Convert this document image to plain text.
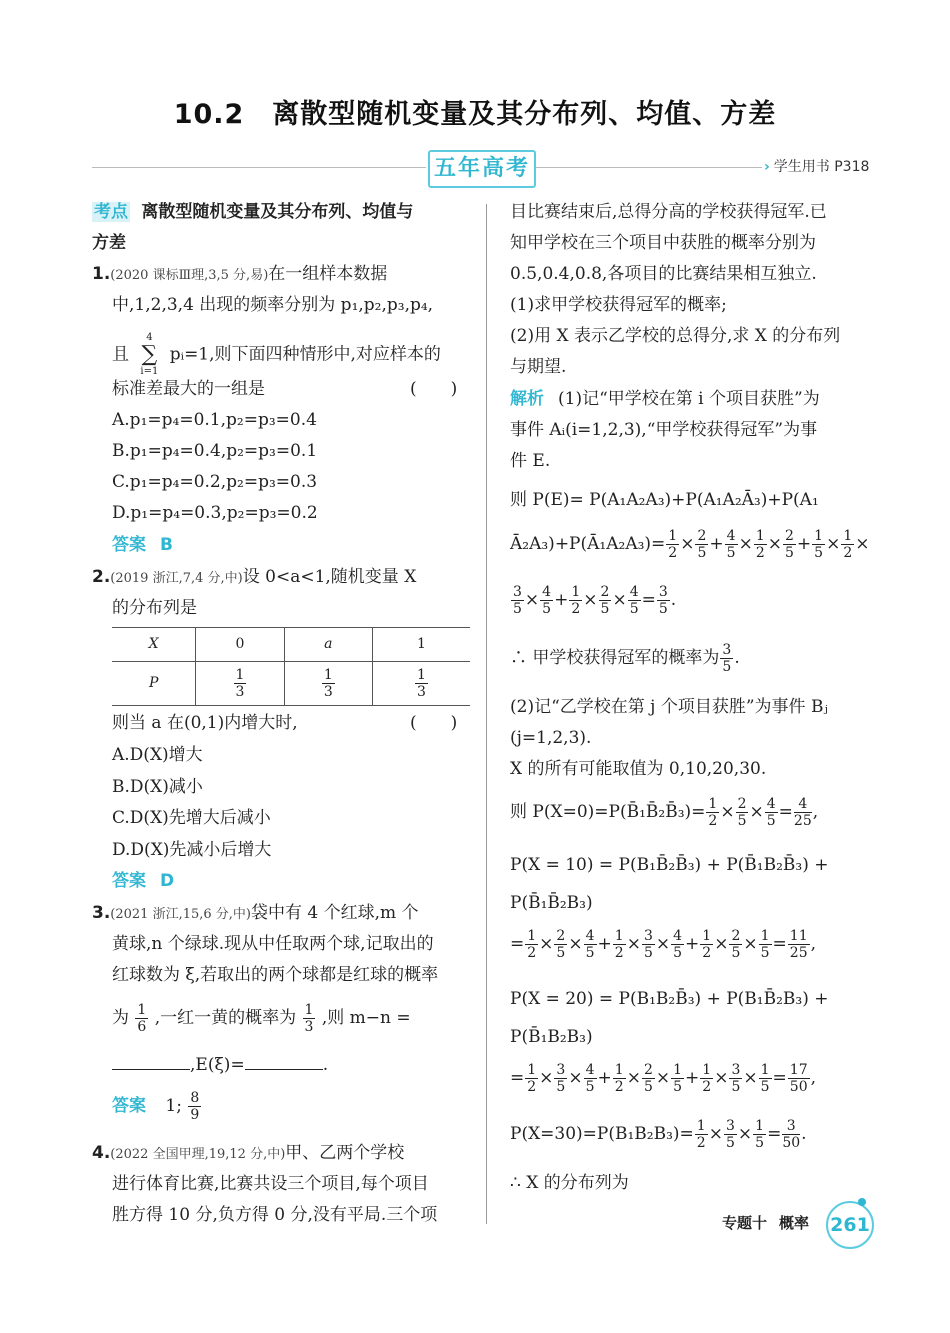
10.2　离散型随机变量及其分布列、均值、方差
五年高考	› 学生用书 P318
考点 离散型随机变量及其分布列、均值与
方差
1.(2020 课标Ⅲ理,3,5 分,易)在一组样本数据
中,1,2,3,4 出现的频率分别为 p₁,p₂,p₃,p₄,
且
4
∑
i=1
pᵢ=1,则下面四种情形中,对应样本的
标准差最大的一组是	(　　)
A.p₁=p₄=0.1,p₂=p₃=0.4
B.p₁=p₄=0.4,p₂=p₃=0.1
C.p₁=p₄=0.2,p₂=p₃=0.3
D.p₁=p₄=0.3,p₂=p₃=0.2
答案 B
2.(2019 浙江,7,4 分,中)设 0<a<1,随机变量 X
的分布列是
X	0	a	1
P	$\frac{1}{3}$	$\frac{1}{3}$	$\frac{1}{3}$
则当 a 在(0,1)内增大时,	(　　)
A.D(X)增大
B.D(X)减小
C.D(X)先增大后减小
D.D(X)先减小后增大
答案 D
3.(2021 浙江,15,6 分,中)袋中有 4 个红球,m 个
黄球,n 个绿球.现从中任取两个球,记取出的
红球数为 ξ,若取出的两个球都是红球的概率
为 $\frac{1}{6}$ ,一红一黄的概率为 $\frac{1}{3}$ ,则 m−n =
,E(ξ)=	.
答案 1; $\frac{8}{9}$
4.(2022 全国甲理,19,12 分,中)甲、乙两个学校
进行体育比赛,比赛共设三个项目,每个项目
胜方得 10 分,负方得 0 分,没有平局.三个项
目比赛结束后,总得分高的学校获得冠军.已
知甲学校在三个项目中获胜的概率分别为
0.5,0.4,0.8,各项目的比赛结果相互独立.
(1)求甲学校获得冠军的概率;
(2)用 X 表示乙学校的总得分,求 X 的分布列
与期望.
解析 (1)记“甲学校在第 i 个项目获胜”为
事件 Aᵢ(i=1,2,3),“甲学校获得冠军”为事
件 E.
则 P(E)= P(A₁A₂A₃)+P(A₁A₂Ā₃)+P(A₁
Ā₂A₃)+P(Ā₁A₂A₃)= $\frac{1}{2} \times \frac{2}{5} + \frac{4}{5} \times \frac{1}{2} \times \frac{2}{5} + \frac{1}{5} \times \frac{1}{2}$ ×
$\frac{3}{5} \times \frac{4}{5} + \frac{1}{2} \times \frac{2}{5} \times \frac{4}{5} = \frac{3}{5}$ .
∴ 甲学校获得冠军的概率为 $\frac{3}{5}$ .
(2)记“乙学校在第 j 个项目获胜”为事件 Bⱼ
(j=1,2,3).
X 的所有可能取值为 0,10,20,30.
则 P(X=0)=P(B̄₁B̄₂B̄₃)= $\frac{1}{2} \times \frac{2}{5} \times \frac{4}{5} = \frac{4}{25}$ ,
P(X = 10) = P(B₁B̄₂B̄₃) + P(B̄₁B₂B̄₃) +
P(B̄₁B̄₂B₃)
= $\frac{1}{2} \times \frac{2}{5} \times \frac{4}{5} + \frac{1}{2} \times \frac{3}{5} \times \frac{4}{5} + \frac{1}{2} \times \frac{2}{5} \times \frac{1}{5} = \frac{11}{25}$ ,
P(X = 20) = P(B₁B₂B̄₃) + P(B₁B̄₂B₃) +
P(B̄₁B₂B₃)
= $\frac{1}{2} \times \frac{3}{5} \times \frac{4}{5} + \frac{1}{2} \times \frac{2}{5} \times \frac{1}{5} + \frac{1}{2} \times \frac{3}{5} \times \frac{1}{5} = \frac{17}{50}$ ,
$P(X=30)=P(B_1B_2B_3)= \frac{1}{2} \times \frac{3}{5} \times \frac{1}{5} = \frac{3}{50}$ .
∴ X 的分布列为
专题十 概率 261
